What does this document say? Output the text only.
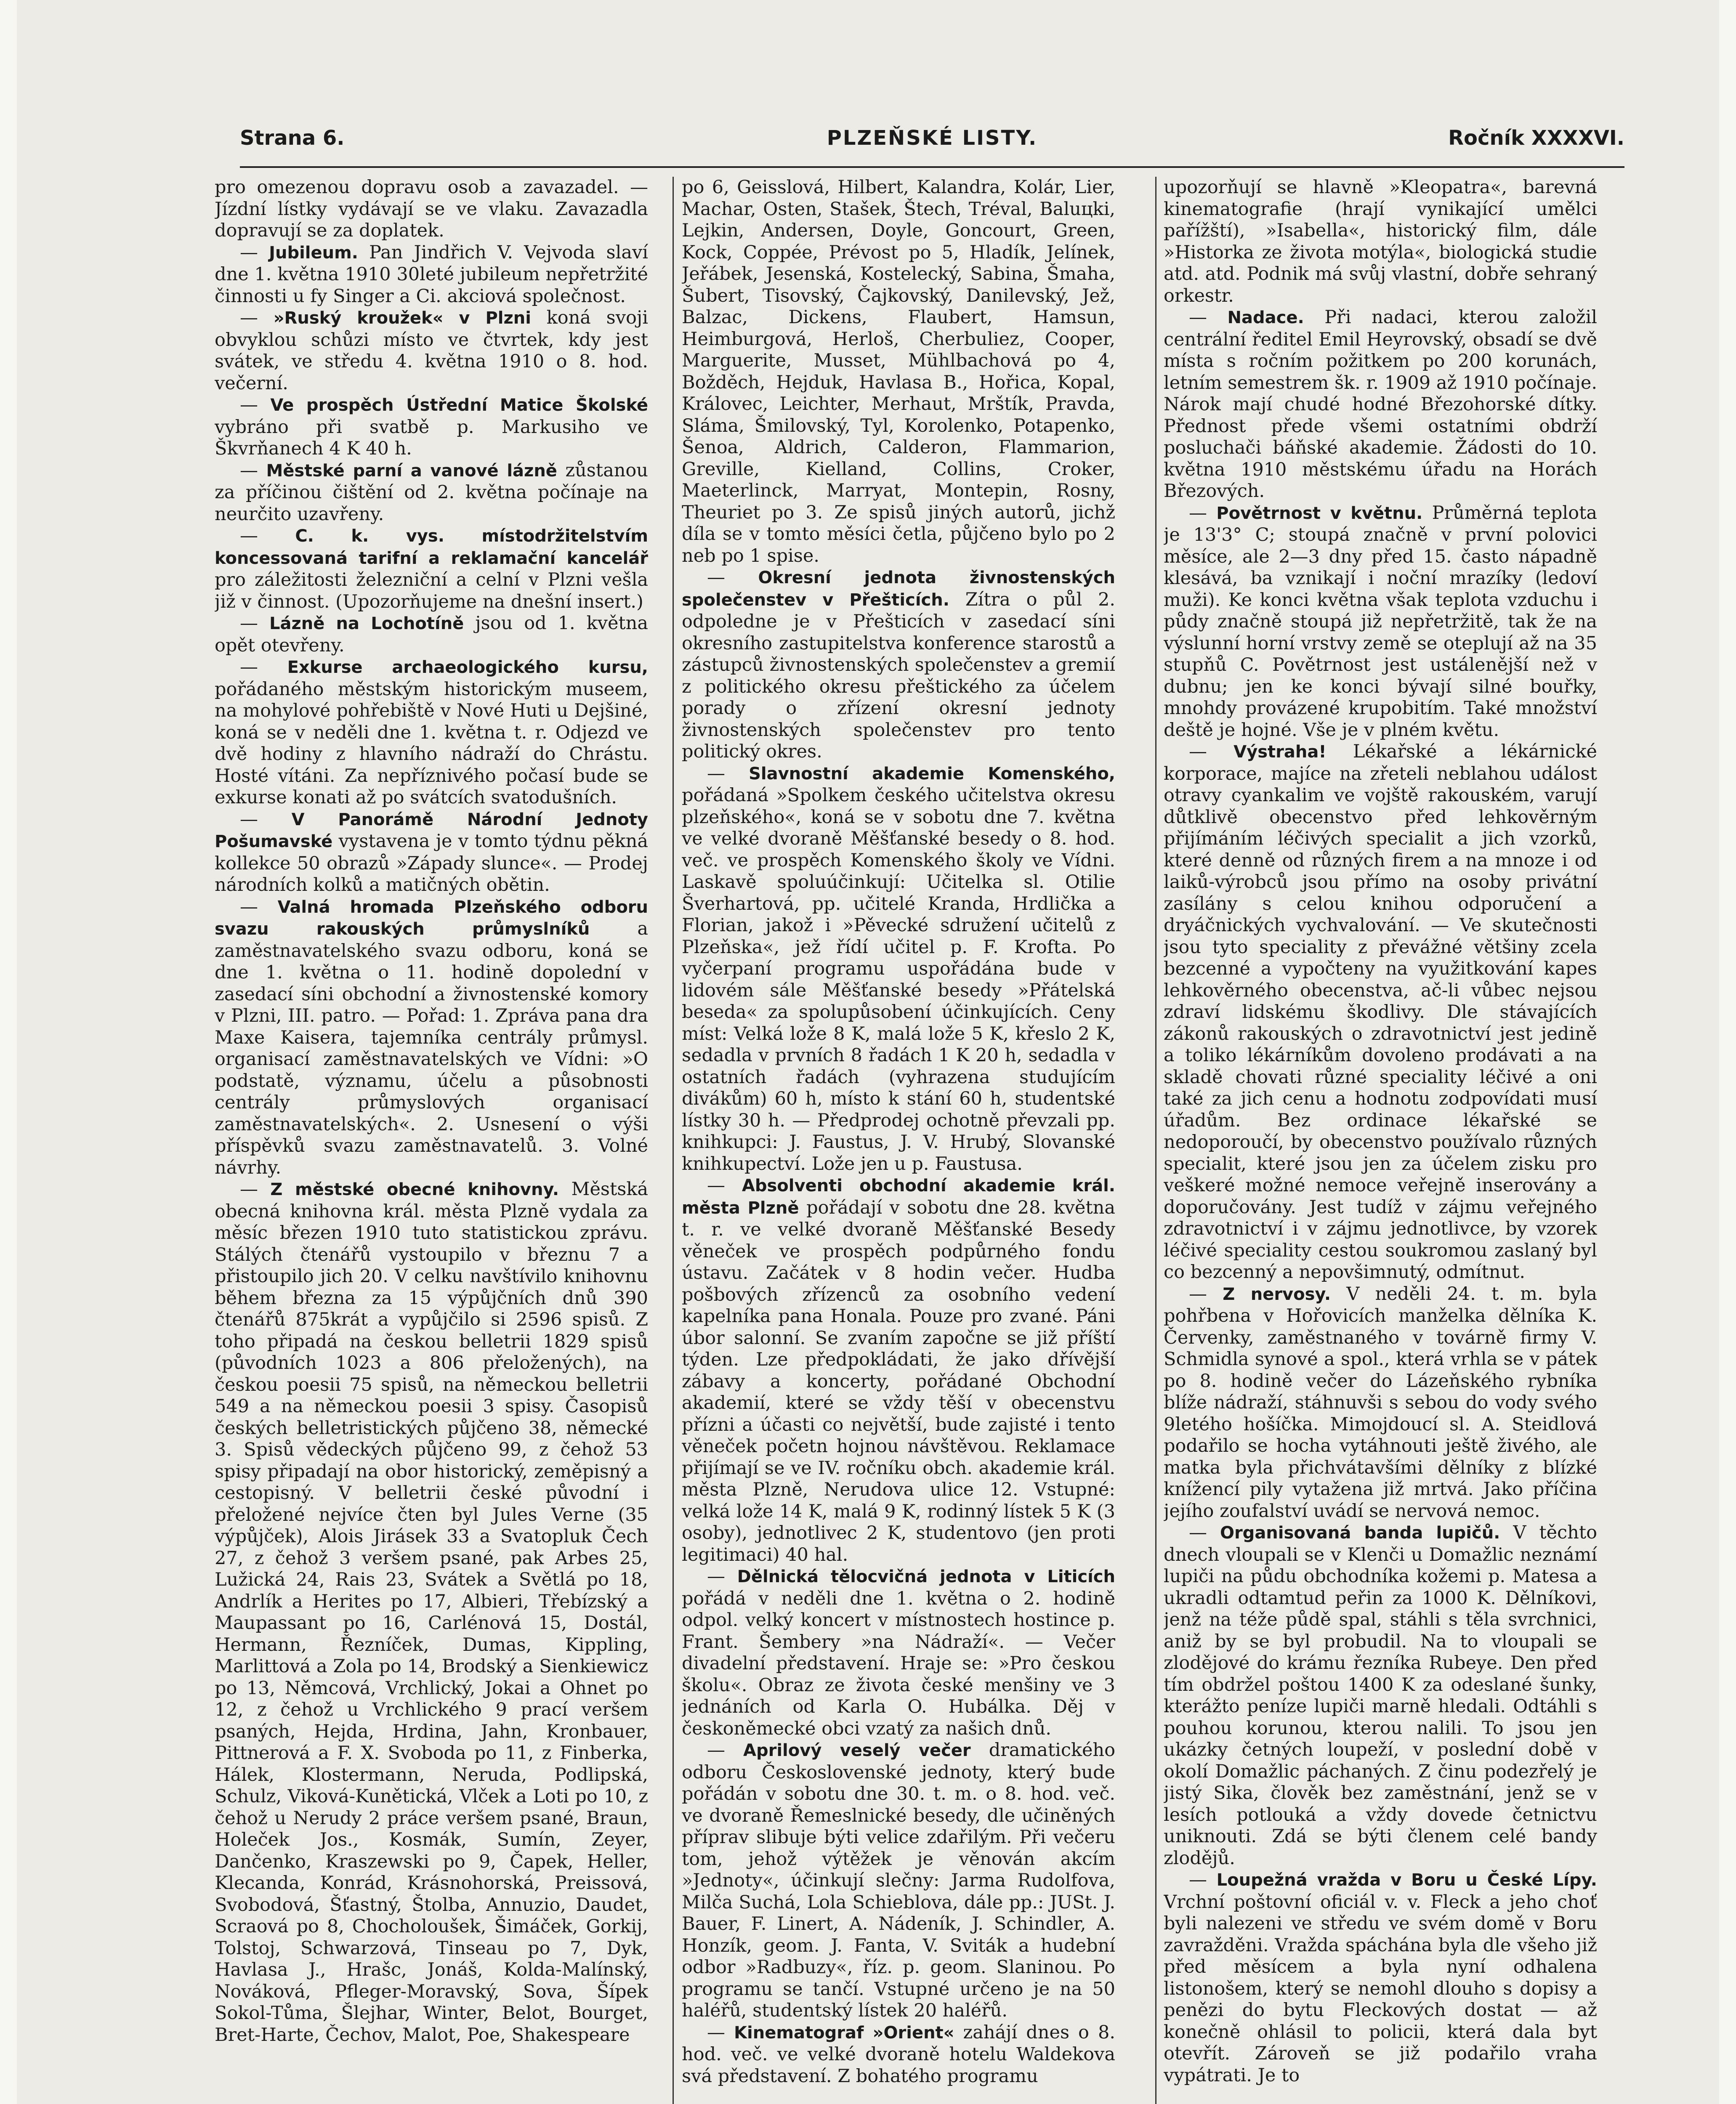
Strana 6.	PLZEŇSKÉ LISTY.	Ročník XXXXVI.

pro omezenou dopravu osob a zavazadel. — Jízdní lístky vydávají se ve vlaku. Zavazadla dopravují se za doplatek.

— Jubileum. Pan Jindřich V. Vejvoda slaví dne 1. května 1910 30leté jubileum nepřetržité činnosti u fy Singer a Ci. akciová společnost.

— »Ruský kroužek« v Plzni koná svoji obvyklou schůzi místo ve čtvrtek, kdy jest svátek, ve středu 4. května 1910 o 8. hod. večerní.

— Ve prospěch Ústřední Matice Školské vybráno při svatbě p. Markusiho ve Škvrňanech 4 K 40 h.

— Městské parní a vanové lázně zůstanou za příčinou čištění od 2. května počínaje na neurčito uzavřeny.

— C. k. vys. místodržitelstvím koncessovaná tarifní a reklamační kancelář pro záležitosti železniční a celní v Plzni vešla již v činnost. (Upozorňujeme na dnešní insert.)

— Lázně na Lochotíně jsou od 1. května opět otevřeny.

— Exkurse archaeologického kursu, pořádaného městským historickým museem, na mohylové pohřebiště v Nové Huti u Dejšiné, koná se v neděli dne 1. května t. r. Odjezd ve dvě hodiny z hlavního nádraží do Chrástu. Hosté vítáni. Za nepříznivého počasí bude se exkurse konati až po svátcích svatodušních.

— V Panorámě Národní Jednoty Pošumavské vystavena je v tomto týdnu pěkná kollekce 50 obrazů »Západy slunce«. — Prodej národních kolků a matičných obětin.

— Valná hromada Plzeňského odboru svazu rakouských průmyslníků	a zaměstnavatelského svazu odboru, koná se dne 1. května o 11. hodině dopolední v zasedací síni obchodní a živnostenské komory v Plzni, III. patro. — Pořad: 1. Zpráva pana dra Maxe Kaisera, tajemníka centrály průmysl. organisací zaměstnavatelských ve Vídni: »O podstatě, významu, účelu a působnosti centrály průmyslových organisací zaměstnavatelských«. 2. Usnesení o výši příspěvků svazu zaměstnavatelů. 3. Volné návrhy.

— Z městské obecné knihovny. Městská obecná knihovna král. města Plzně vydala za měsíc březen 1910 tuto statistickou zprávu. Stálých čtenářů vystoupilo v březnu 7 a přistoupilo jich 20. V celku navštívilo knihovnu během března za 15 výpůjčních dnů 390 čtenářů 875krát a vypůjčilo si 2596 spisů. Z toho připadá na českou belletrii 1829 spisů (původních 1023 a 806 přeložených), na českou poesii 75 spisů, na německou belletrii 549 a na německou poesii 3 spisy. Časopisů českých belletristických půjčeno 38, německé 3. Spisů vědeckých půjčeno 99, z čehož 53 spisy připadají na obor historický, zeměpisný a cestopisný. V belletrii české původní i přeložené nejvíce čten byl Jules Verne (35 výpůjček), Alois Jirásek 33 a Svatopluk Čech 27, z čehož 3 veršem psané, pak Arbes 25, Lužická 24, Rais 23, Svátek a Světlá po 18, Andrlík a Herites po 17, Albieri, Třebízský a Maupassant po 16, Carlénová 15, Dostál, Hermann, Řezníček, Dumas, Kippling, Marlittová a Zola po 14, Brodský a Sienkiewicz po 13, Němcová, Vrchlický, Jokai a Ohnet po 12, z čehož u Vrchlického 9 prací veršem psaných, Hejda, Hrdina, Jahn, Kronbauer, Pittnerová a F. X. Svoboda po 11, z Finberka, Hálek, Klostermann, Neruda, Podlipská, Schulz, Viková-Kunětická, Vlček a Loti po 10, z čehož u Nerudy 2 práce veršem psané, Braun, Holeček Jos., Kosmák, Sumín, Zeyer, Dančenko, Kraszewski po 9, Čapek, Heller, Klecanda, Konrád, Krásnohorská, Preissová, Svobodová, Šťastný, Štolba, Annuzio, Daudet, Scraová po 8, Chocholoušek, Šimáček, Gorkij, Tolstoj, Schwarzová, Tinseau po 7, Dyk, Havlasa J., Hrašc, Jonáš, Kolda-Malínský, Nováková, Pfleger-Moravský, Sova, Šípek Sokol-Tůma, Šlejhar, Winter, Belot, Bourget, Bret-Harte, Čechov, Malot, Poe, Shakespeare

po 6, Geisslová, Hilbert, Kalandra, Kolár, Lier, Machar, Osten, Stašek, Štech, Tréval, Baluцki, Lejkin, Andersen, Doyle, Goncourt, Green, Kock, Coppée, Prévost po 5, Hladík, Jelínek, Jeřábek, Jesenská, Kostelecký, Sabina, Šmaha, Šubert, Tisovský, Čajkovský, Danilevský, Jež, Balzac, Dickens, Flaubert, Hamsun, Heimburgová, Herloš, Cherbuliez, Cooper, Marguerite, Musset, Mühlbachová po 4, Božděch, Hejduk, Havlasa B., Hořica, Kopal, Královec, Leichter, Merhaut, Mrštík, Pravda, Sláma, Šmilovský, Tyl, Korolenko, Potapenko, Šenoa, Aldrich, Calderon, Flammarion, Greville, Kielland, Collins, Croker, Maeterlinck, Marryat, Montepin, Rosny, Theuriet po 3. Ze spisů jiných autorů, jichž díla se v tomto měsíci četla, půjčeno bylo po 2 neb po 1 spise.

— Okresní jednota živnostenských společenstev v Přešticích. Zítra o půl 2. odpoledne je v Přešticích v zasedací síni okresního zastupitelstva konference starostů a zástupců živnostenských společenstev a gremií z politického okresu přeštického za účelem porady o zřízení okresní jednoty živnostenských společenstev pro tento politický okres.

— Slavnostní akademie Komenského, pořádaná »Spolkem českého učitelstva okresu plzeňského«, koná se v sobotu dne 7. května ve velké dvoraně Měšťanské besedy o 8. hod. več. ve prospěch Komenského školy ve Vídni. Laskavě spoluúčinkují: Učitelka sl. Otilie Šverhartová, pp. učitelé Kranda, Hrdlička a Florian, jakož i »Pěvecké sdružení učitelů z Plzeňska«, jež řídí učitel p. F. Krofta. Po vyčerpaní programu uspořádána bude v lidovém sále Měšťanské besedy »Přátelská beseda« za spolupůsobení účinkujících. Ceny míst: Velká lože 8 K, malá lože 5 K, křeslo 2 K, sedadla v prvních 8 řadách 1 K 20 h, sedadla v ostatních řadách (vyhrazena studujícím divákům) 60 h, místo k stání 60 h, studentské lístky 30 h. — Předprodej ochotně převzali pp. knihkupci: J. Faustus, J. V. Hrubý, Slovanské knihkupectví. Lože jen u p. Faustusa.

— Absolventi obchodní akademie král. města Plzně pořádají v sobotu dne 28. května t. r. ve velké dvoraně Měšťanské Besedy věneček ve prospěch podpůrného fondu ústavu. Začátek v 8 hodin večer. Hudba pošbových zřízenců za osobního vedení kapelníka pana Honala. Pouze pro zvané. Páni úbor salonní. Se zvaním započne se již příští týden. Lze předpokládati, že jako dřívější zábavy a koncerty, pořádané Obchodní akademií, které se vždy těší v obecenstvu přízni a účasti co největší, bude zajisté i tento věneček početn hojnou návštěvou. Reklamace přijímají se ve IV. ročníku obch. akademie král. města Plzně, Nerudova ulice 12. Vstupné: velká lože 14 K, malá 9 K, rodinný lístek 5 K (3 osoby), jednotlivec 2 K, studentovo (jen proti legitimaci) 40 hal.

— Dělnická tělocvičná jednota v Liticích pořádá v neděli dne 1. května o 2. hodině odpol. velký koncert v místnostech hostince p. Frant. Šembery »na Nádraží«. — Večer divadelní představení. Hraje se: »Pro českou školu«. Obraz ze života české menšiny ve 3 jednáních od Karla O. Hubálka. Děj v českoněmecké obci vzatý za našich dnů.

— Aprilový veselý večer dramatického odboru Československé jednoty, který bude pořádán v sobotu dne 30. t. m. o 8. hod. več. ve dvoraně Řemeslnické besedy, dle učiněných příprav slibuje býti velice zdařilým. Při večeru tom, jehož výtěžek je věnován akcím »Jednoty«, účinkují slečny: Jarma Rudolfova, Milča Suchá, Lola Schieblova, dále pp.: JUSt. J. Bauer, F. Linert, A. Nádeník, J. Schindler, A. Honzík, geom. J. Fanta, V. Sviták a hudební odbor »Radbuzy«, říz. p. geom. Slaninou. Po programu se tančí. Vstupné určeno je na 50 haléřů, studentský lístek 20 haléřů.

— Kinematograf »Orient« zahájí dnes o 8. hod. več. ve velké dvoraně hotelu Waldekova svá představení. Z bohatého programu

upozorňují se hlavně »Kleopatra«, barevná kinematografie (hrají vynikající umělci pařížští), »Isabella«, historický film, dále »Historka ze života motýla«, biologická studie atd. atd. Podnik má svůj vlastní, dobře sehraný orkestr.

— Nadace. Při nadaci, kterou založil centrální ředitel Emil Heyrovský, obsadí se dvě místa s ročním požitkem po 200 korunách, letním semestrem šk. r. 1909 až 1910 počínaje. Nárok mají chudé hodné Březohorské dítky. Přednost přede všemi ostatními obdrží posluchači báňské akademie. Žádosti do 10. května 1910 městskému úřadu na Horách Březových.

— Povětrnost v květnu. Průměrná teplota je 13'3° C; stoupá značně v první polovici měsíce, ale 2—3 dny před 15. často nápadně klesává, ba vznikají i noční mrazíky (ledoví muži). Ke konci května však teplota vzduchu i půdy značně stoupá již nepřetržitě, tak že na výslunní horní vrstvy země se oteplují až na 35 stupňů C. Povětrnost jest ustálenější než v dubnu; jen ke konci bývají silné bouřky, mnohdy provázené krupobitím. Také množství deště je hojné. Vše je v plném květu.

— Výstraha! Lékařské a lékárnické korporace, majíce na zřeteli neblahou událost otravy cyankalim ve vojště rakouském, varují důtklivě obecenstvo před lehkověrným přijímáním léčivých specialit a jich vzorků, které denně od různých firem a na mnoze i od laiků-výrobců jsou přímo na osoby privátní zasílány s celou knihou odporučení a dryáčnických vychvalování. — Ve skutečnosti jsou tyto speciality z převážné většiny zcela bezcenné a vypočteny na využitkování kapes lehkověrného obecenstva, ač-li vůbec nejsou zdraví lidskému škodlivy. Dle stávajících zákonů rakouských o zdravotnictví jest jedině a toliko lékárníkům dovoleno prodávati a na skladě chovati různé speciality léčivé a oni také za jich cenu a hodnotu zodpovídati musí úřadům. Bez ordinace lékařské se nedoporoučí, by obecenstvo používalo různých specialit, které jsou jen za účelem zisku pro veškeré možné nemoce veřejně inserovány a doporučovány. Jest tudíž v zájmu veřejného zdravotnictví i v zájmu jednotlivce, by vzorek léčivé speciality cestou soukromou zaslaný byl co bezcenný a nepovšimnutý, odmítnut.

— Z nervosy. V neděli 24. t. m. byla pohřbena v Hořovicích manželka dělníka K. Červenky, zaměstnaného v továrně firmy V. Schmidla synové a spol., která vrhla se v pátek po 8. hodině večer do Lázeňského rybníka blíže nádraží, stáhnuvši s sebou do vody svého 9letého hošíčka. Mimojdoucí sl. A. Steidlová podařilo se hocha vytáhnouti ještě živého, ale matka byla přichvátavšími dělníky z blízké knížencí pily vytažena již mrtvá. Jako příčina jejího zoufalství uvádí se nervová nemoc.

— Organisovaná banda lupičů. V těchto dnech vloupali se v Klenči u Domažlic neznámí lupiči na půdu obchodníka kožemi p. Matesa a ukradli odtamtud peřin za 1000 K. Dělníkovi, jenž na téže půdě spal, stáhli s těla svrchnici, aniž by se byl probudil. Na to vloupali se zlodějové do krámu řezníka Rubeye. Den před tím obdržel poštou 1400 K za odeslané šunky, kterážto peníze lupiči marně hledali. Odtáhli s pouhou korunou, kterou nalili. To jsou jen ukázky četných loupeží, v poslední době v okolí Domažlic páchaných. Z činu podezřelý je jistý Sika, člověk bez zaměstnání, jenž se v lesích potlouká a vždy dovede četnictvu uniknouti. Zdá se býti členem celé bandy zlodějů.

— Loupežná vražda v Boru u České Lípy. Vrchní poštovní oficiál v. v. Fleck a jeho choť byli nalezeni ve středu ve svém domě v Boru zavražděni. Vražda spáchána byla dle všeho již před měsícem a byla nyní odhalena listonošem, který se nemohl dlouho s dopisy a penězi do bytu Fleckových dostat — až konečně ohlásil to policii, která dala byt otevřít. Zároveň se již podařilo vraha vypátrati. Je to
